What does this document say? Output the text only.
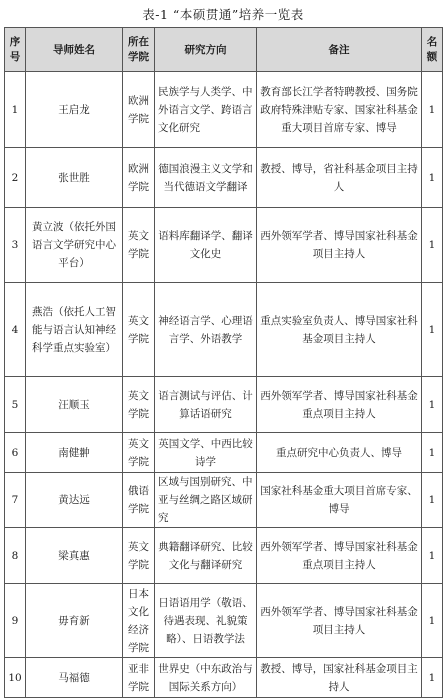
表-1 “本硕贯通”培养一览表
序号	导师姓名	所在学院	研究方向	备注	名额

1	王启龙	欧洲学院	民族学与人类学、中外语言文学、跨语言文化研究	教育部长江学者特聘教授、国务院政府特殊津贴专家、国家社科基金重大项目首席专家、博导	1
2	张世胜	欧洲学院	德国浪漫主义文学和当代德语文学翻译	教授、博导，省社科基金项目主持人	1
3	黄立波（依托外国语言文学研究中心平台）	英文学院	语料库翻译学、翻译文化史	西外领军学者、博导国家社科基金项目主持人	1
4	燕浩（依托人工智能与语言认知神经科学重点实验室）	英文学院	神经语言学、心理语言学、外语教学	重点实验室负责人、博导国家社科基金项目主持人	1
5	汪顺玉	英文学院	语言测试与评估、计算话语研究	西外领军学者、博导国家社科基金重点项目主持人	1
6	南健翀	英文学院	英国文学、中西比较诗学	重点研究中心负责人、博导	1
7	黄达远	俄语学院	区域与国别研究、中亚与丝绸之路区域研究	国家社科基金重大项目首席专家、博导	1
8	梁真惠	英文学院	典籍翻译研究、比较文化与翻译研究	西外领军学者、博导国家社科基金重点项目主持人	1
9	毋育新	日本文化经济学院	日语语用学（敬语、待遇表现、礼貌策略）、日语教学法	西外领军学者、博导国家社科基金项目主持人	1
10	马福德	亚非学院	世界史（中东政治与国际关系方向）	教授、博导，国家社科基金项目主持人	1
